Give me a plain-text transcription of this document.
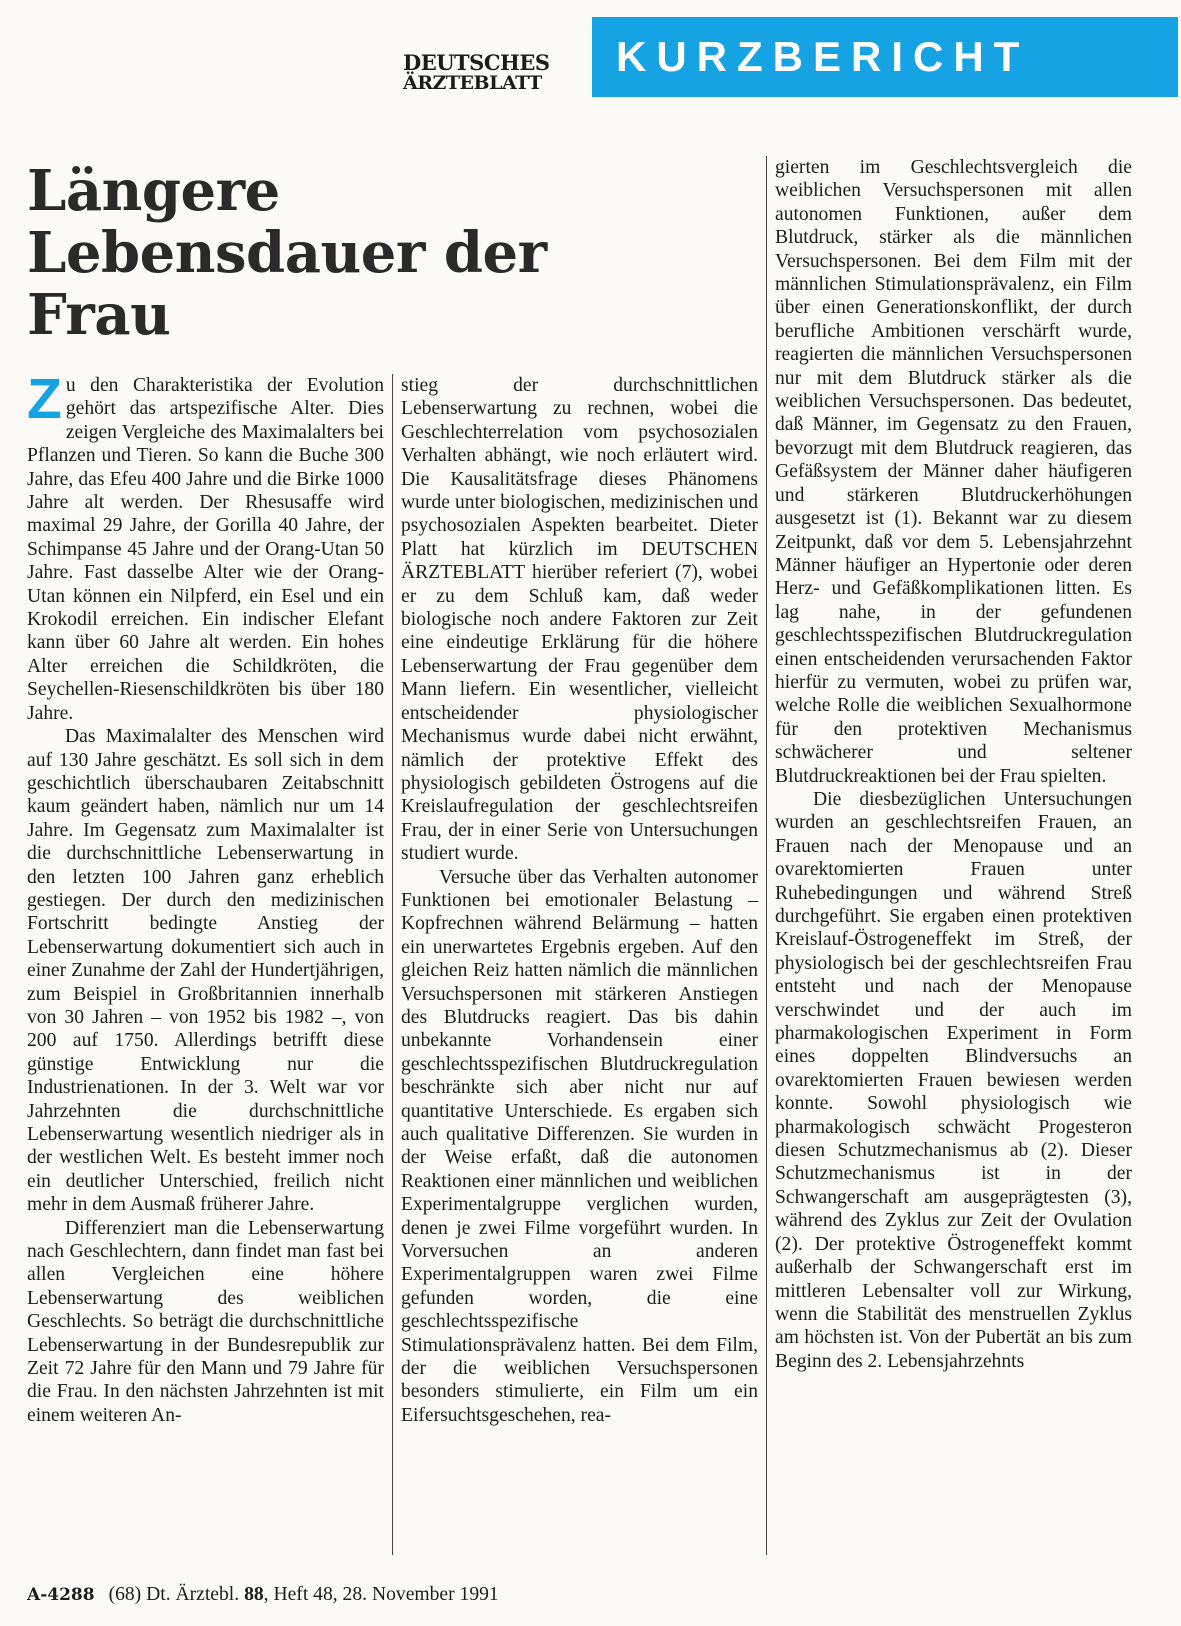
DEUTSCHES
ÄRZTEBLATT
KURZBERICHT
Längere Lebensdauer der Frau

Zu den Charakteristika der Evolution gehört das artspezifische Alter. Dies zeigen Vergleiche des Maximalalters bei Pflanzen und Tieren. So kann die Buche 300 Jahre, das Efeu 400 Jahre und die Birke 1000 Jahre alt werden. Der Rhesusaffe wird maximal 29 Jahre, der Gorilla 40 Jahre, der Schimpanse 45 Jahre und der Orang-Utan 50 Jahre. Fast dasselbe Alter wie der Orang-Utan können ein Nilpferd, ein Esel und ein Krokodil erreichen. Ein indischer Elefant kann über 60 Jahre alt werden. Ein hohes Alter erreichen die Schildkröten, die Seychellen-Riesenschildkröten bis über 180 Jahre.

Das Maximalalter des Menschen wird auf 130 Jahre geschätzt. Es soll sich in dem geschichtlich überschaubaren Zeitabschnitt kaum geändert haben, nämlich nur um 14 Jahre. Im Gegensatz zum Maximalalter ist die durchschnittliche Lebenserwartung in den letzten 100 Jahren ganz erheblich gestiegen. Der durch den medizinischen Fortschritt bedingte Anstieg der Lebenserwartung dokumentiert sich auch in einer Zunahme der Zahl der Hundertjährigen, zum Beispiel in Großbritannien innerhalb von 30 Jahren – von 1952 bis 1982 –, von 200 auf 1750. Allerdings betrifft diese günstige Entwicklung nur die Industrienationen. In der 3. Welt war vor Jahrzehnten die durchschnittliche Lebenserwartung wesentlich niedriger als in der westlichen Welt. Es besteht immer noch ein deutlicher Unterschied, freilich nicht mehr in dem Ausmaß früherer Jahre.

Differenziert man die Lebenserwartung nach Geschlechtern, dann findet man fast bei allen Vergleichen eine höhere Lebenserwartung des weiblichen Geschlechts. So beträgt die durchschnittliche Lebenserwartung in der Bundesrepublik zur Zeit 72 Jahre für den Mann und 79 Jahre für die Frau. In den nächsten Jahrzehnten ist mit einem weiteren An-

stieg der durchschnittlichen Lebenserwartung zu rechnen, wobei die Geschlechterrelation vom psychosozialen Verhalten abhängt, wie noch erläutert wird. Die Kausalitätsfrage dieses Phänomens wurde unter biologischen, medizinischen und psychosozialen Aspekten bearbeitet. Dieter Platt hat kürzlich im DEUTSCHEN ÄRZTEBLATT hierüber referiert (7), wobei er zu dem Schluß kam, daß weder biologische noch andere Faktoren zur Zeit eine eindeutige Erklärung für die höhere Lebenserwartung der Frau gegenüber dem Mann liefern. Ein wesentlicher, vielleicht entscheidender physiologischer Mechanismus wurde dabei nicht erwähnt, nämlich der protektive Effekt des physiologisch gebildeten Östrogens auf die Kreislaufregulation der geschlechtsreifen Frau, der in einer Serie von Untersuchungen studiert wurde.

Versuche über das Verhalten autonomer Funktionen bei emotionaler Belastung – Kopfrechnen während Belärmung – hatten ein unerwartetes Ergebnis ergeben. Auf den gleichen Reiz hatten nämlich die männlichen Versuchspersonen mit stärkeren Anstiegen des Blutdrucks reagiert. Das bis dahin unbekannte Vorhandensein einer geschlechtsspezifischen Blutdruckregulation beschränkte sich aber nicht nur auf quantitative Unterschiede. Es ergaben sich auch qualitative Differenzen. Sie wurden in der Weise erfaßt, daß die autonomen Reaktionen einer männlichen und weiblichen Experimentalgruppe verglichen wurden, denen je zwei Filme vorgeführt wurden. In Vorversuchen an anderen Experimentalgruppen waren zwei Filme gefunden worden, die eine geschlechtsspezifische Stimulationsprävalenz hatten. Bei dem Film, der die weiblichen Versuchspersonen besonders stimulierte, ein Film um ein Eifersuchtsgeschehen, rea-

gierten im Geschlechtsvergleich die weiblichen Versuchspersonen mit allen autonomen Funktionen, außer dem Blutdruck, stärker als die männlichen Versuchspersonen. Bei dem Film mit der männlichen Stimulationsprävalenz, ein Film über einen Generationskonflikt, der durch berufliche Ambitionen verschärft wurde, reagierten die männlichen Versuchspersonen nur mit dem Blutdruck stärker als die weiblichen Versuchspersonen. Das bedeutet, daß Männer, im Gegensatz zu den Frauen, bevorzugt mit dem Blutdruck reagieren, das Gefäßsystem der Männer daher häufigeren und stärkeren Blutdruckerhöhungen ausgesetzt ist (1). Bekannt war zu diesem Zeitpunkt, daß vor dem 5. Lebensjahrzehnt Männer häufiger an Hypertonie oder deren Herz- und Gefäßkomplikationen litten. Es lag nahe, in der gefundenen geschlechtsspezifischen Blutdruckregulation einen entscheidenden verursachenden Faktor hierfür zu vermuten, wobei zu prüfen war, welche Rolle die weiblichen Sexualhormone für den protektiven Mechanismus schwächerer und seltener Blutdruckreaktionen bei der Frau spielten.

Die diesbezüglichen Untersuchungen wurden an geschlechtsreifen Frauen, an Frauen nach der Menopause und an ovarektomierten Frauen unter Ruhebedingungen und während Streß durchgeführt. Sie ergaben einen protektiven Kreislauf-Östrogeneffekt im Streß, der physiologisch bei der geschlechtsreifen Frau entsteht und nach der Menopause verschwindet und der auch im pharmakologischen Experiment in Form eines doppelten Blindversuchs an ovarektomierten Frauen bewiesen werden konnte. Sowohl physiologisch wie pharmakologisch schwächt Progesteron diesen Schutzmechanismus ab (2). Dieser Schutzmechanismus ist in der Schwangerschaft am ausgeprägtesten (3), während des Zyklus zur Zeit der Ovulation (2). Der protektive Östrogeneffekt kommt außerhalb der Schwangerschaft erst im mittleren Lebensalter voll zur Wirkung, wenn die Stabilität des menstruellen Zyklus am höchsten ist. Von der Pubertät an bis zum Beginn des 2. Lebensjahrzehnts

A-4288 (68) Dt. Ärztebl. 88, Heft 48, 28. November 1991
